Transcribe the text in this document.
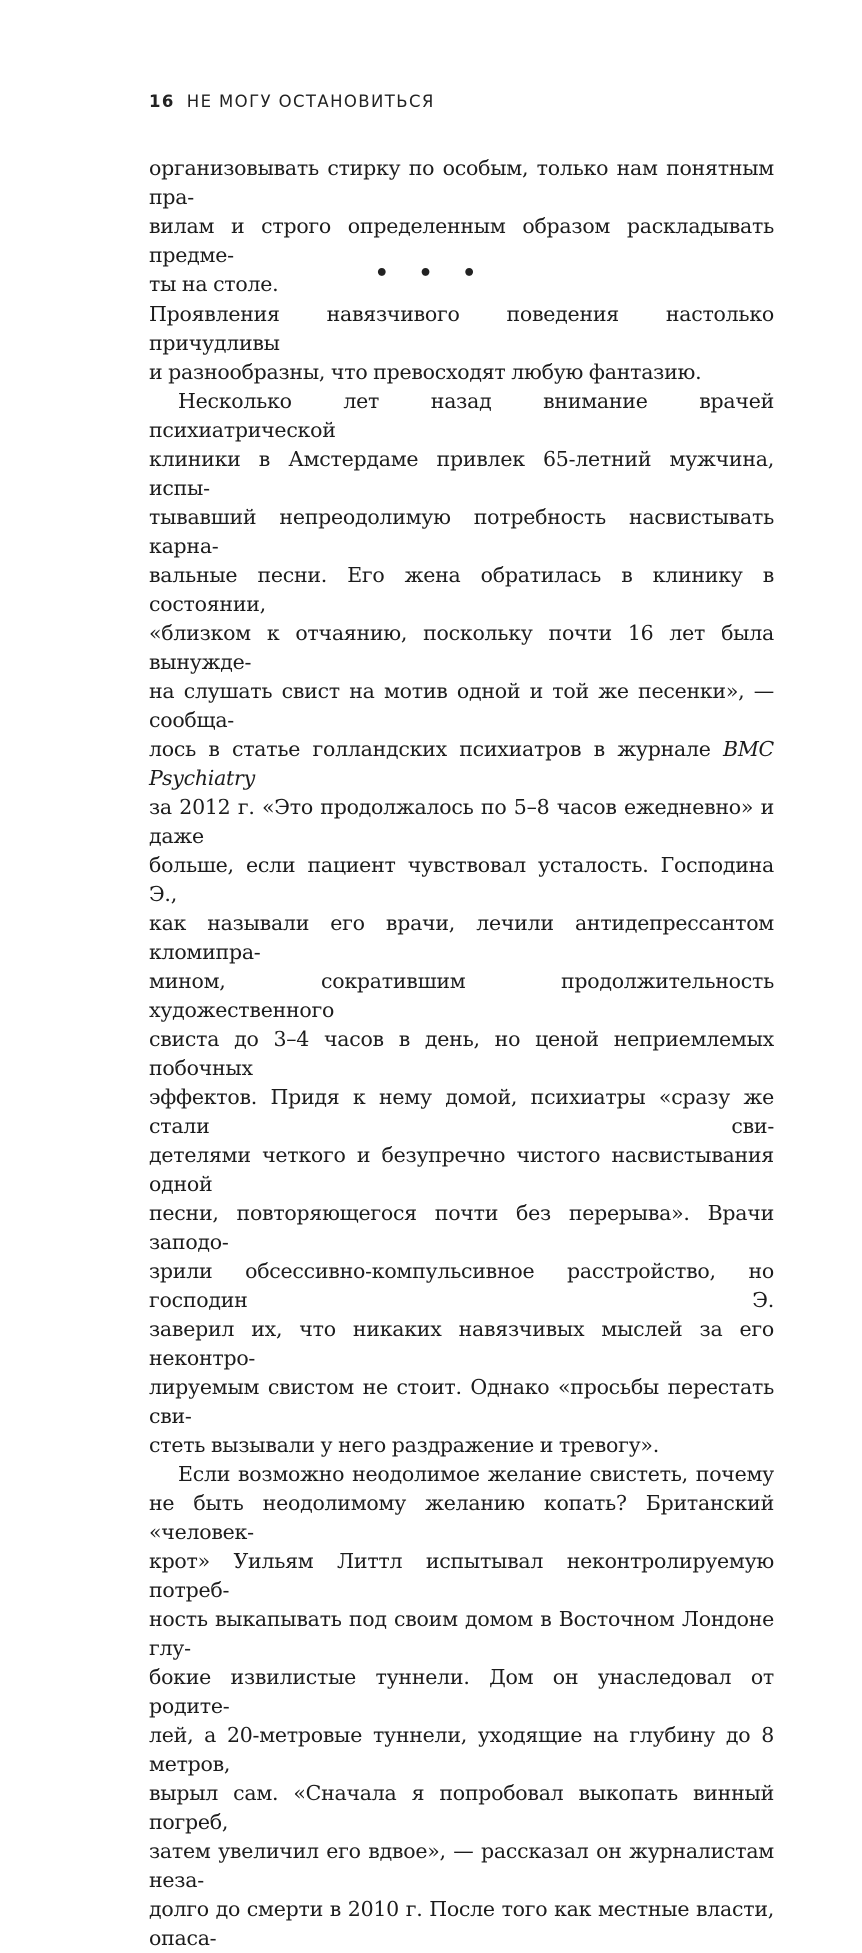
16 НЕ МОГУ ОСТАНОВИТЬСЯ

организовывать стирку по особым, только нам понятным пра-
вилам и строго определенным образом раскладывать предме-
ты на столе.	• • •

Проявления навязчивого поведения настолько причудливы
и разнообразны, что превосходят любую фантазию.

Несколько лет назад внимание врачей психиатрической
клиники в Амстердаме привлек 65-летний мужчина, испы-
тывавший непреодолимую потребность насвистывать карна-
вальные песни. Его жена обратилась в клинику в состоянии,
«близком к отчаянию, поскольку почти 16 лет была вынужде-
на слушать свист на мотив одной и той же песенки», — сообща-
лось в статье голландских психиатров в журнале BMC Psychiatry
за 2012 г. «Это продолжалось по 5–8 часов ежедневно» и даже
больше, если пациент чувствовал усталость. Господина Э.,
как называли его врачи, лечили антидепрессантом кломипра-
мином, сократившим продолжительность художественного
свиста до 3–4 часов в день, но ценой неприемлемых побочных
эффектов. Придя к нему домой, психиатры «сразу же стали сви-
детелями четкого и безупречно чистого насвистывания одной
песни, повторяющегося почти без перерыва». Врачи заподо-
зрили обсессивно-компульсивное расстройство, но господин Э.
заверил их, что никаких навязчивых мыслей за его неконтро-
лируемым свистом не стоит. Однако «просьбы перестать сви-
стеть вызывали у него раздражение и тревогу».

Если возможно неодолимое желание свистеть, почему
не быть неодолимому желанию копать? Британский «человек-
крот» Уильям Литтл испытывал неконтролируемую потреб-
ность выкапывать под своим домом в Восточном Лондоне глу-
бокие извилистые туннели. Дом он унаследовал от родите-
лей, а 20-метровые туннели, уходящие на глубину до 8 метров,
вырыл сам. «Сначала я попробовал выкопать винный погреб,
затем увеличил его вдвое», — рассказал он журналистам неза-
долго до смерти в 2010 г. После того как местные власти, опаса-
